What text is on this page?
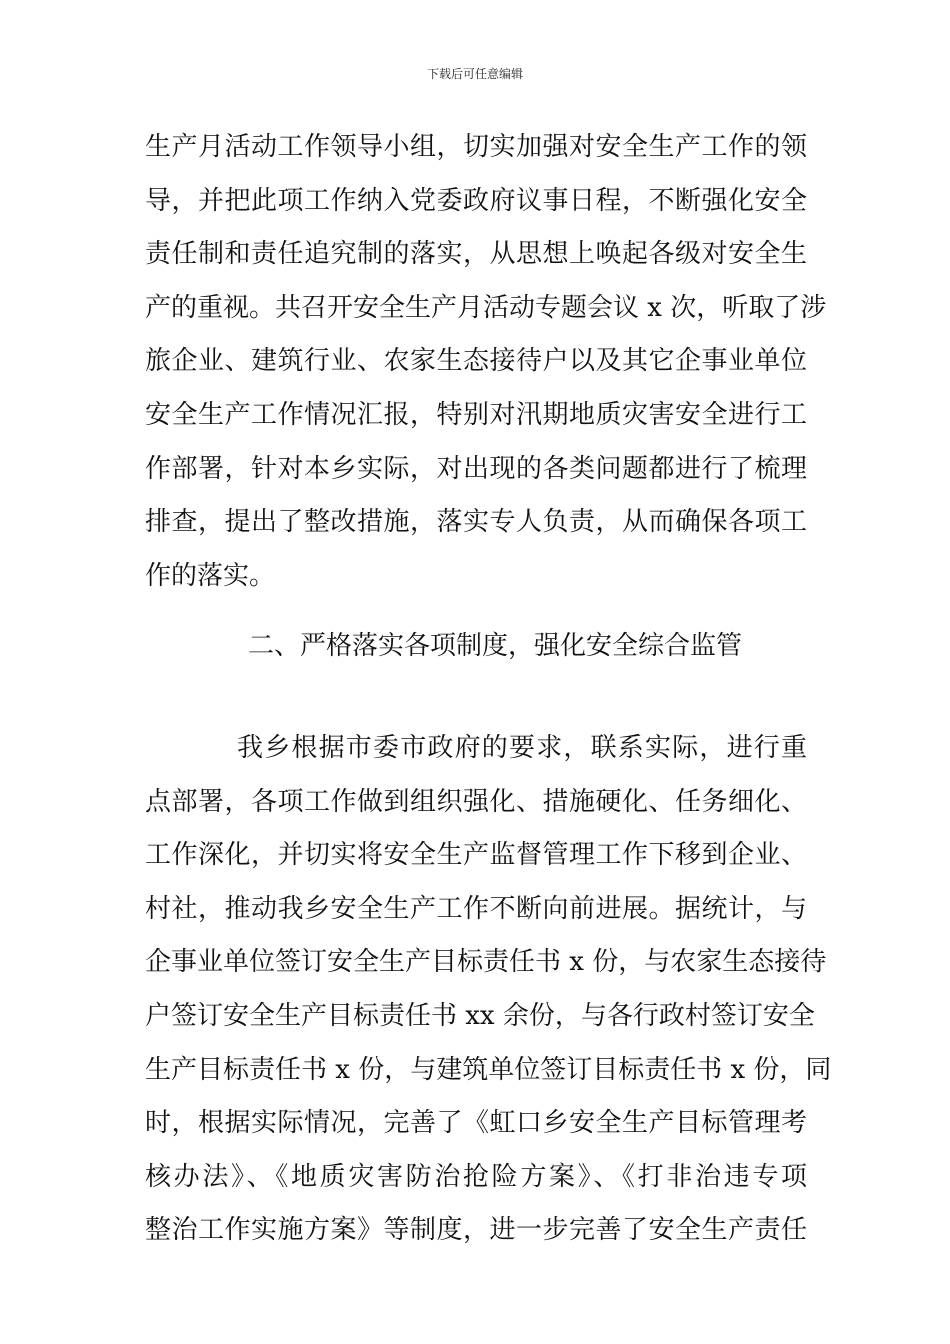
下载后可任意编辑
生产月活动工作领导小组，切实加强对安全生产工作的领
导，并把此项工作纳入党委政府议事日程，不断强化安全
责任制和责任追究制的落实，从思想上唤起各级对安全生
产的重视。共召开安全生产月活动专题会议 x 次，听取了涉
旅企业、建筑行业、农家生态接待户以及其它企事业单位
安全生产工作情况汇报，特别对汛期地质灾害安全进行工
作部署，针对本乡实际，对出现的各类问题都进行了梳理
排查，提出了整改措施，落实专人负责，从而确保各项工
作的落实。
二、严格落实各项制度，强化安全综合监管
我乡根据市委市政府的要求，联系实际，进行重
点部署，各项工作做到组织强化、措施硬化、任务细化、
工作深化，并切实将安全生产监督管理工作下移到企业、
村社，推动我乡安全生产工作不断向前进展。据统计，与
企事业单位签订安全生产目标责任书 x 份，与农家生态接待
户签订安全生产目标责任书 xx 余份，与各行政村签订安全
生产目标责任书 x 份，与建筑单位签订目标责任书 x 份，同
时，根据实际情况，完善了《虹口乡安全生产目标管理考
核办法》、《地质灾害防治抢险方案》、《打非治违专项
整治工作实施方案》等制度，进一步完善了安全生产责任
